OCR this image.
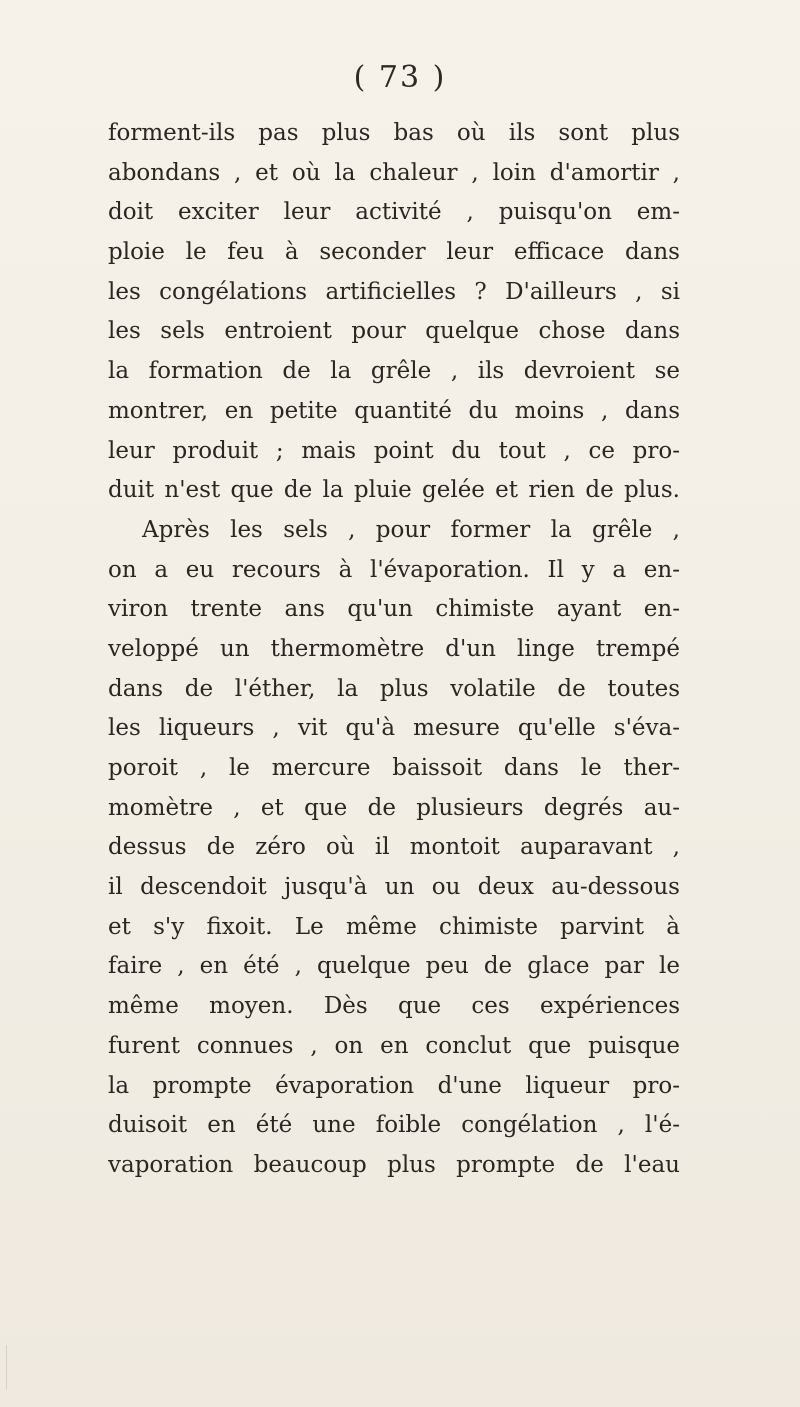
( 73 )
forment-ils pas plus bas où ils sont plus
abondans , et où la chaleur , loin d'amortir ,
doit exciter leur activité , puisqu'on em-
ploie le feu à seconder leur efficace dans
les congélations artificielles ? D'ailleurs , si
les sels entroient pour quelque chose dans
la formation de la grêle , ils devroient se
montrer, en petite quantité du moins , dans
leur produit ; mais point du tout , ce pro-
duit n'est que de la pluie gelée et rien de plus.
Après les sels , pour former la grêle ,
on a eu recours à l'évaporation. Il y a en-
viron trente ans qu'un chimiste ayant en-
veloppé un thermomètre d'un linge trempé
dans de l'éther, la plus volatile de toutes
les liqueurs , vit qu'à mesure qu'elle s'éva-
poroit , le mercure baissoit dans le ther-
momètre , et que de plusieurs degrés au-
dessus de zéro où il montoit auparavant ,
il descendoit jusqu'à un ou deux au-dessous
et s'y fixoit. Le même chimiste parvint à
faire , en été , quelque peu de glace par le
même moyen. Dès que ces expériences
furent connues , on en conclut que puisque
la prompte évaporation d'une liqueur pro-
duisoit en été une foible congélation , l'é-
vaporation beaucoup plus prompte de l'eau
